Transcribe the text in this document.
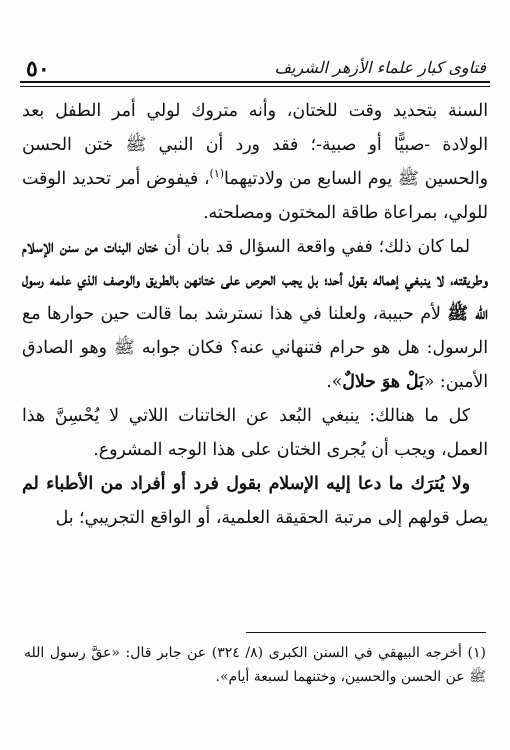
٥٠	فتاوى كبار علماء الأزهر الشريف

السنة بتحديد وقت للختان، وأنه متروك لولي أمر الطفل بعد الولادة -صبيًّا أو صبية-؛ فقد ورد أن النبي ﷺ ختن الحسن والحسين ﷺ يوم السابع من ولادتيهما$^{(١)}$، فيفوض أمر تحديد الوقت للولي، بمراعاة طاقة المختون ومصلحته.

لما كان ذلك؛ ففي واقعة السؤال قد بان أن ختان البنات من سنن الإسلام وطريقته، لا ينبغي إهماله بقول أحد؛ بل يجب الحرص على ختانهن بالطريق والوصف الذي علمه رسول الله ﷺ لأم حبيبة، ولعلنا في هذا نسترشد بما قالت حين حوارها مع الرسول: هل هو حرام فتنهاني عنه؟ فكان جوابه ﷺ وهو الصادق الأمين: «بَلْ هوَ حلالٌ».

كل ما هنالك: ينبغي البُعد عن الخاتنات اللاتي لا يُحْسِنَّ هذا العمل، ويجب أن يُجرى الختان على هذا الوجه المشروع.

ولا يُترَك ما دعا إليه الإسلام بقول فرد أو أفراد من الأطباء لم يصل قولهم إلى مرتبة الحقيقة العلمية، أو الواقع التجريبي؛ بل

(١) أخرجه البيهقي في السنن الكبرى (٨/ ٣٢٤) عن جابر قال: «عقَّ رسول الله ﷺ عن الحسن والحسين، وختنهما لسبعة أيام».
